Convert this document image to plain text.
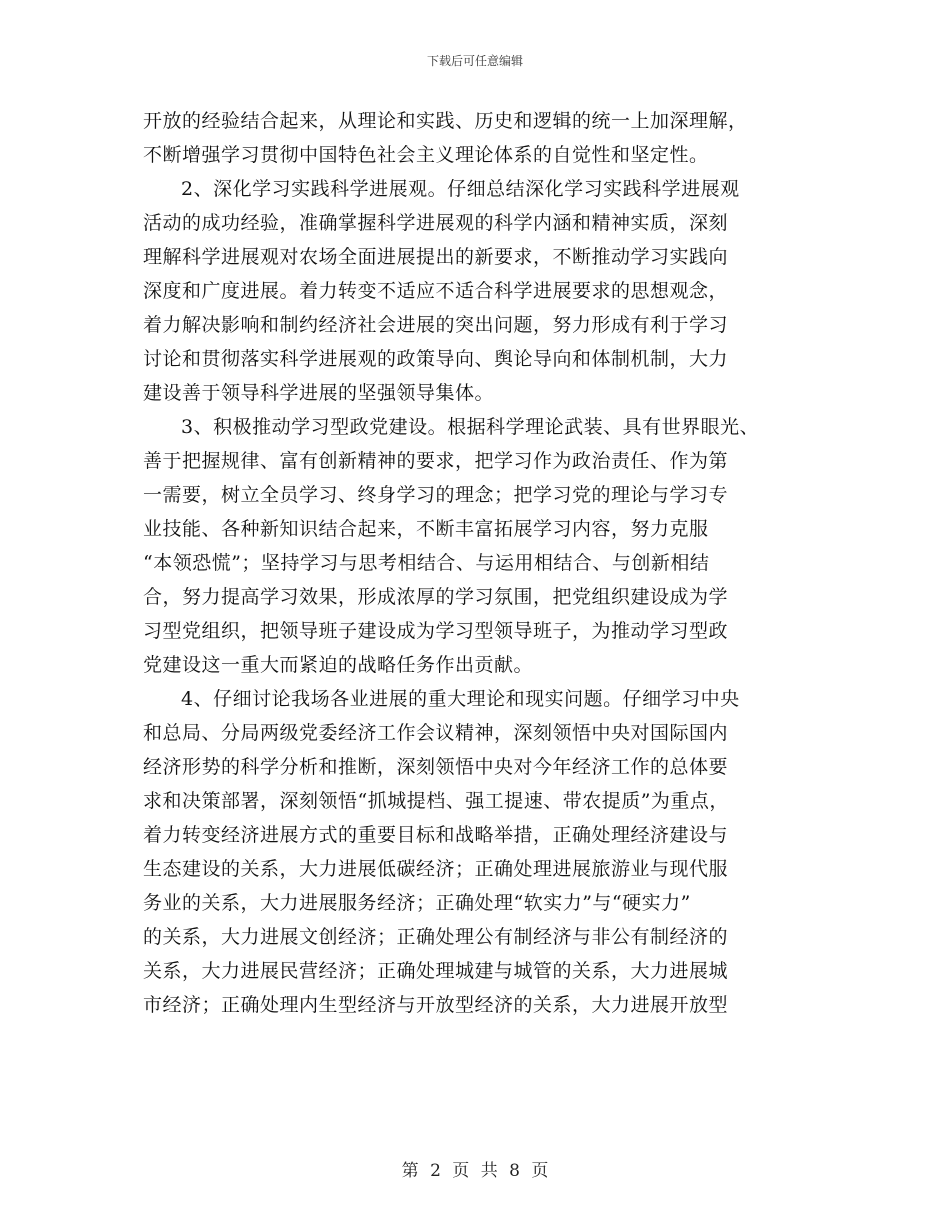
下载后可任意编辑
开放的经验结合起来，从理论和实践、历史和逻辑的统一上加深理解，
不断增强学习贯彻中国特色社会主义理论体系的自觉性和坚定性。
2、深化学习实践科学进展观。仔细总结深化学习实践科学进展观
活动的成功经验，准确掌握科学进展观的科学内涵和精神实质，深刻
理解科学进展观对农场全面进展提出的新要求，不断推动学习实践向
深度和广度进展。着力转变不适应不适合科学进展要求的思想观念，
着力解决影响和制约经济社会进展的突出问题，努力形成有利于学习
讨论和贯彻落实科学进展观的政策导向、舆论导向和体制机制，大力
建设善于领导科学进展的坚强领导集体。
3、积极推动学习型政党建设。根据科学理论武装、具有世界眼光、
善于把握规律、富有创新精神的要求，把学习作为政治责任、作为第
一需要，树立全员学习、终身学习的理念；把学习党的理论与学习专
业技能、各种新知识结合起来，不断丰富拓展学习内容，努力克服
“本领恐慌”；坚持学习与思考相结合、与运用相结合、与创新相结
合，努力提高学习效果，形成浓厚的学习氛围，把党组织建设成为学
习型党组织，把领导班子建设成为学习型领导班子，为推动学习型政
党建设这一重大而紧迫的战略任务作出贡献。
4、仔细讨论我场各业进展的重大理论和现实问题。仔细学习中央
和总局、分局两级党委经济工作会议精神，深刻领悟中央对国际国内
经济形势的科学分析和推断，深刻领悟中央对今年经济工作的总体要
求和决策部署，深刻领悟“抓城提档、强工提速、带农提质”为重点，
着力转变经济进展方式的重要目标和战略举措，正确处理经济建设与
生态建设的关系，大力进展低碳经济；正确处理进展旅游业与现代服
务业的关系，大力进展服务经济；正确处理“软实力”与“硬实力”
的关系，大力进展文创经济；正确处理公有制经济与非公有制经济的
关系，大力进展民营经济；正确处理城建与城管的关系，大力进展城
市经济；正确处理内生型经济与开放型经济的关系，大力进展开放型
第 2 页 共 8 页
